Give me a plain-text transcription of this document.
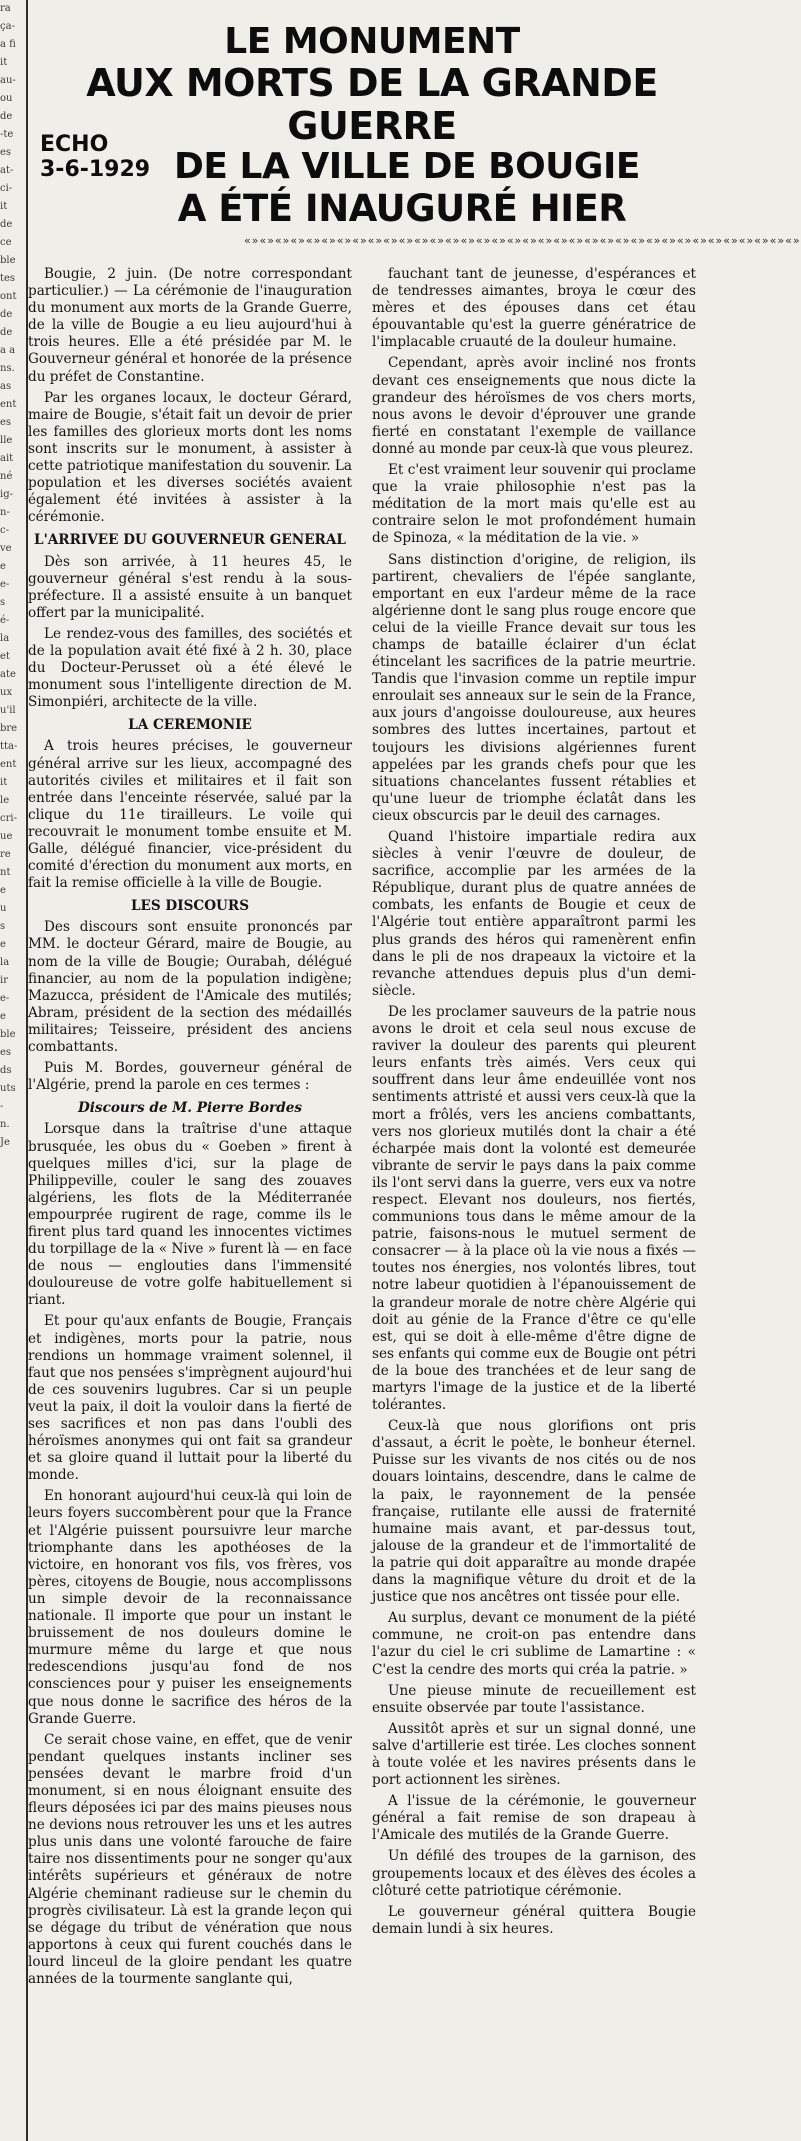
ra
ça-
a fi
it
au-
ou
de
-te
es
at-
ci-
it
de
ce
ble
tes
ont
de
de
a a
ns.
as
ent
es
lle
ait
né
ig-
n-
c-
ve
e
e-
s
é-
la
et
ate
ux
u'il
bre
tta-
ent
it
le
cri-
ue
re
nt
e
u
s
e
la
ir
e-
e
ble
es
ds
uts
-
n.
Je
ECHO
3-6-1929
LE MONUMENT
AUX MORTS DE LA GRANDE GUERRE
DE LA VILLE DE BOUGIE
A ÉTÉ INAUGURÉ HIER
«»«»«»«»«»«»«»«»«»«»«»«»«»«»«»«»«»«»«»«»«»«»«»«»«»«»«»«»«»«»«»«»«»«»«»«»

Bougie, 2 juin. (De notre correspondant particulier.) — La cérémonie de l'inauguration du monument aux morts de la Grande Guerre, de la ville de Bougie a eu lieu aujourd'hui à trois heures. Elle a été présidée par M. le Gouverneur général et honorée de la présence du préfet de Constantine.

Par les organes locaux, le docteur Gérard, maire de Bougie, s'était fait un devoir de prier les familles des glorieux morts dont les noms sont inscrits sur le monument, à assister à cette patriotique manifestation du souvenir. La population et les diverses sociétés avaient également été invitées à assister à la cérémonie.

L'ARRIVEE DU GOUVERNEUR GENERAL

Dès son arrivée, à 11 heures 45, le gouverneur général s'est rendu à la sous-préfecture. Il a assisté ensuite à un banquet offert par la municipalité.

Le rendez-vous des familles, des sociétés et de la population avait été fixé à 2 h. 30, place du Docteur-Perusset où a été élevé le monument sous l'intelligente direction de M. Simonpiéri, architecte de la ville.

LA CEREMONIE

A trois heures précises, le gouverneur général arrive sur les lieux, accompagné des autorités civiles et militaires et il fait son entrée dans l'enceinte réservée, salué par la clique du 11e tirailleurs. Le voile qui recouvrait le monument tombe ensuite et M. Galle, délégué financier, vice-président du comité d'érection du monument aux morts, en fait la remise officielle à la ville de Bougie.

LES DISCOURS

Des discours sont ensuite prononcés par MM. le docteur Gérard, maire de Bougie, au nom de la ville de Bougie; Ourabah, délégué financier, au nom de la population indigène; Mazucca, président de l'Amicale des mutilés; Abram, président de la section des médaillés militaires; Teisseire, président des anciens combattants.

Puis M. Bordes, gouverneur général de l'Algérie, prend la parole en ces termes :

Discours de M. Pierre Bordes

Lorsque dans la traîtrise d'une attaque brusquée, les obus du « Goeben » firent à quelques milles d'ici, sur la plage de Philippeville, couler le sang des zouaves algériens, les flots de la Méditerranée empourprée rugirent de rage, comme ils le firent plus tard quand les innocentes victimes du torpillage de la « Nive » furent là — en face de nous — englouties dans l'immensité douloureuse de votre golfe habituellement si riant.

Et pour qu'aux enfants de Bougie, Français et indigènes, morts pour la patrie, nous rendions un hommage vraiment solennel, il faut que nos pensées s'imprègnent aujourd'hui de ces souvenirs lugubres. Car si un peuple veut la paix, il doit la vouloir dans la fierté de ses sacrifices et non pas dans l'oubli des héroïsmes anonymes qui ont fait sa grandeur et sa gloire quand il luttait pour la liberté du monde.

En honorant aujourd'hui ceux-là qui loin de leurs foyers succombèrent pour que la France et l'Algérie puissent poursuivre leur marche triomphante dans les apothéoses de la victoire, en honorant vos fils, vos frères, vos pères, citoyens de Bougie, nous accomplissons un simple devoir de la reconnaissance nationale. Il importe que pour un instant le bruissement de nos douleurs domine le murmure même du large et que nous redescendions jusqu'au fond de nos consciences pour y puiser les enseignements que nous donne le sacrifice des héros de la Grande Guerre.

Ce serait chose vaine, en effet, que de venir pendant quelques instants incliner ses pensées devant le marbre froid d'un monument, si en nous éloignant ensuite des fleurs déposées ici par des mains pieuses nous ne devions nous retrouver les uns et les autres plus unis dans une volonté farouche de faire taire nos dissentiments pour ne songer qu'aux intérêts supérieurs et généraux de notre Algérie cheminant radieuse sur le chemin du progrès civilisateur. Là est la grande leçon qui se dégage du tribut de vénération que nous apportons à ceux qui furent couchés dans le lourd linceul de la gloire pendant les quatre années de la tourmente sanglante qui,

fauchant tant de jeunesse, d'espérances et de tendresses aimantes, broya le cœur des mères et des épouses dans cet étau épouvantable qu'est la guerre génératrice de l'implacable cruauté de la douleur humaine.

Cependant, après avoir incliné nos fronts devant ces enseignements que nous dicte la grandeur des héroïsmes de vos chers morts, nous avons le devoir d'éprouver une grande fierté en constatant l'exemple de vaillance donné au monde par ceux-là que vous pleurez.

Et c'est vraiment leur souvenir qui proclame que la vraie philosophie n'est pas la méditation de la mort mais qu'elle est au contraire selon le mot profondément humain de Spinoza, « la méditation de la vie. »

Sans distinction d'origine, de religion, ils partirent, chevaliers de l'épée sanglante, emportant en eux l'ardeur même de la race algérienne dont le sang plus rouge encore que celui de la vieille France devait sur tous les champs de bataille éclairer d'un éclat étincelant les sacrifices de la patrie meurtrie. Tandis que l'invasion comme un reptile impur enroulait ses anneaux sur le sein de la France, aux jours d'angoisse douloureuse, aux heures sombres des luttes incertaines, partout et toujours les divisions algériennes furent appelées par les grands chefs pour que les situations chancelantes fussent rétablies et qu'une lueur de triomphe éclatât dans les cieux obscurcis par le deuil des carnages.

Quand l'histoire impartiale redira aux siècles à venir l'œuvre de douleur, de sacrifice, accomplie par les armées de la République, durant plus de quatre années de combats, les enfants de Bougie et ceux de l'Algérie tout entière apparaîtront parmi les plus grands des héros qui ramenèrent enfin dans le pli de nos drapeaux la victoire et la revanche attendues depuis plus d'un demi-siècle.

De les proclamer sauveurs de la patrie nous avons le droit et cela seul nous excuse de raviver la douleur des parents qui pleurent leurs enfants très aimés. Vers ceux qui souffrent dans leur âme endeuillée vont nos sentiments attristé et aussi vers ceux-là que la mort a frôlés, vers les anciens combattants, vers nos glorieux mutilés dont la chair a été écharpée mais dont la volonté est demeurée vibrante de servir le pays dans la paix comme ils l'ont servi dans la guerre, vers eux va notre respect. Elevant nos douleurs, nos fiertés, communions tous dans le même amour de la patrie, faisons-nous le mutuel serment de consacrer — à la place où la vie nous a fixés — toutes nos énergies, nos volontés libres, tout notre labeur quotidien à l'épanouissement de la grandeur morale de notre chère Algérie qui doit au génie de la France d'être ce qu'elle est, qui se doit à elle-même d'être digne de ses enfants qui comme eux de Bougie ont pétri de la boue des tranchées et de leur sang de martyrs l'image de la justice et de la liberté tolérantes.

Ceux-là que nous glorifions ont pris d'assaut, a écrit le poète, le bonheur éternel. Puisse sur les vivants de nos cités ou de nos douars lointains, descendre, dans le calme de la paix, le rayonnement de la pensée française, rutilante elle aussi de fraternité humaine mais avant, et par-dessus tout, jalouse de la grandeur et de l'immortalité de la patrie qui doit apparaître au monde drapée dans la magnifique vêture du droit et de la justice que nos ancêtres ont tissée pour elle.

Au surplus, devant ce monument de la piété commune, ne croit-on pas entendre dans l'azur du ciel le cri sublime de Lamartine : « C'est la cendre des morts qui créa la patrie. »

Une pieuse minute de recueillement est ensuite observée par toute l'assistance.

Aussitôt après et sur un signal donné, une salve d'artillerie est tirée. Les cloches sonnent à toute volée et les navires présents dans le port actionnent les sirènes.

A l'issue de la cérémonie, le gouverneur général a fait remise de son drapeau à l'Amicale des mutilés de la Grande Guerre.

Un défilé des troupes de la garnison, des groupements locaux et des élèves des écoles a clôturé cette patriotique cérémonie.

Le gouverneur général quittera Bougie demain lundi à six heures.
